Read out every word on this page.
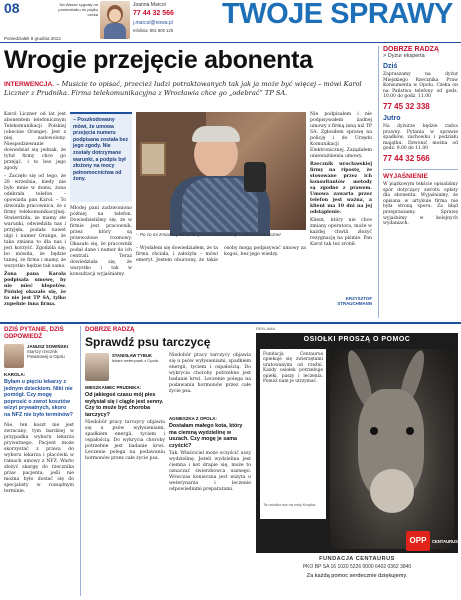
08
Poniedziałek 9 grudnia 2013
Na Wasze sygnały od poniedziałku do piątku czeka
Joanna Marcol
77 44 32 566
j.marcol@nowa.pl
Infolinia: 801 800 129
TWOJE SPRAWY
Wrogie przejęcie abonenta
INTERWENCJA. – Musicie to opisać, przecież ludzi potraktowanych tak jak ja może być więcej – mówi Karol Liczner z Prudnika. Firma telekomunikacyjna z Wrocławia chce go „odebrać” TP SA.

Karol Liczner od lat jest abonentem telefonicznym Telekomunikacji Polskiej (obecnie Orange). Jest z niej zadowolony. Niespodziewanie dowiedział się jednak, że tytuł firmy chce go przejąć, i to bez jego zgody.

– Zaczęło się od tego, że 28 września, kiedy nie było mnie w domu, żona odebrała telefon – opowiada pan Karol. – To dzwoniła pracownica, że z firmy telekomunikacyjnej. Stwierdziła, że mamy złe warunki, odwiedziła nas i przyjęła, podała nawet ulgi i numer Orange, że taka zmiana to dla nas i jest korzyść. Zgodziła się, bo mówiła, że będzie taniej, że firma i mamy, że wszystko będzie tak samo.

Żona pana Karola podpisała umowę, by nie mieć kłopotów. Później okazało się, że to nie jest TP SA, tylko zupełnie inna firma.

– Poszkodowany mówi, że umowa przejęcia numeru podpisana została bez jego zgody. Nie zostały dotrzymane warunki, a podpis był złożony na mocy pełnomocnictwa od żony.
– Po co mi zmiana, jeśli od lat jestem zadowolony – mówi Karol Liczner

Młodej pani zadzwoniono później na telefon. Dowiedzieliśmy się, że w firmie jest pracownik, przez który są przewożone rozmowy. Okazało się, że pracownik podał dane i numer do ich centrali. Teraz dowiedziała się, że wszystko i tak w konsultacji wyjaśniamy.

– Wysłałem się dowiedziałem, że ta firma chciała, i założyła – mówi emeryt. Jestem oburzony, że takie osoby mogą podpisywać umowy za kogoś, bez jego wiedzy.

Nie podpisałem i nie podpisywałem żadnej umowy z firmą inną niż TP SA. Zgłosiłem sprawę na policję i do Urzędu Komunikacji Elektronicznej. Zażądałem unieważnienia umowy.

Rzecznik wrocławskiej firmy na ripostę, że stosowane przez ich konsultantów metody są zgodne z prawem. Umowa zawarta przez telefon jest ważna, a klient ma 10 dni na jej odstąpienie.

Klient, który nie chce zmiany operatora, może w każdej chwili złożyć rezygnację na piśmie. Pan Karol tak też zrobił.

KRZYSZTOF STRAUCHMANN
DOBRZE RADZĄ
> Dyżur eksperta
Dziś
Zapraszamy na dyżur Miejskiego Rzecznika Praw Konsumenta w Opolu. Czeka on na Państwa telefony od godz. 10.00 do godz. 11.00
77 45 32 338
Jutro
Na dyżurze będzie radca prawny. Pytania w sprawie spadków, zachowku i podziału majątku. Dzwonić można od godz. 9.00 do 11.00
77 44 32 566
WYJAŚNIENIE
W piątkowym tekście opisaliśmy spór dotyczący zwrotu opłaty dla abonenta. Wyjaśniamy, że opisana w artykule firma nie była stroną sporu. Za błąd przepraszamy. Sprawę wyjaśnimy w kolejnych wydaniach.
DZIŚ PYTANIE, DZIŚ ODPOWIEDŹ
JANUSZ SOWIŃSKI
Starszy rzecznik Powiatowej w Opolu
KAROLA:
Byłam u pięciu lekarzy z jednym dzieckiem. Nikt nie pomógł. Czy mogę poprosić o zwrot kosztów wizyt prywatnych, skoro na NFZ nie było terminów?
Nie, ten koszt nie jest zwracany, tym bardziej w przypadku wyboru lekarza prywatnego. Pacjent może skorzystać z prawa do wyboru lekarza i placówki w ramach umowy z NFZ. Warto złożyć skargę do rzecznika praw pacjenta, jeśli nie można było dostać się do specjalisty w rozsądnym terminie.
DOBRZE RADZĄ
Sprawdź psu tarczycę
STANISŁAW TYBUK
lekarz weterynarii z Opola
MIESZKANIEC PRUDNIKA:
Od jakiegoś czasu mój pies wyłysiał się i ciągle jest senny. Czy to może być choroba tarczycy?
Niedobór pracy tarczycy objawia się u psów wyłysieniami, spadkiem energii, tyciem i ospałością. Do wykrycia choroby potrzebne jest badanie krwi. Leczenie polega na podawaniu hormonów przez całe życie psa.

Niedobór pracy tarczycy objawia się u psów wyłysieniami, spadkiem energii, tyciem i ospałością. Do wykrycia choroby potrzebne jest badanie krwi. Leczenie polega na podawaniu hormonów przez całe życie psa.

AGNIESZKA Z OPOLA:
Dostałam małego kota, który ma ciemną wydzielinę w uszach. Czy mogę je sama czyścić?
Tak. Właściciel może oczyścić uszy wydzielinę. Jeżeli wydzielina jest ciemna i kot drapie się, może to oznaczać świerzbowca usznego. Wówczas konieczna jest wizyta u weterynarza i leczenie odpowiednimi preparatami.
REKLAMA
OSIOŁKI PROSZĄ O POMOC
Fundacja Centaurus opiekuje się zwierzętami uratowanymi od rzeźni. Każdy osiołek potrzebuje opieki, paszy i leczenia. Pomóż nam je utrzymać.
Ta osiołka ma na imię Kropka
FUNDACJA CENTAURUS
PKO BP SA 16 1020 5226 0000 6402 0362 3840
Za każdą pomoc serdecznie dziękujemy.
OPP	CENTAURUS
